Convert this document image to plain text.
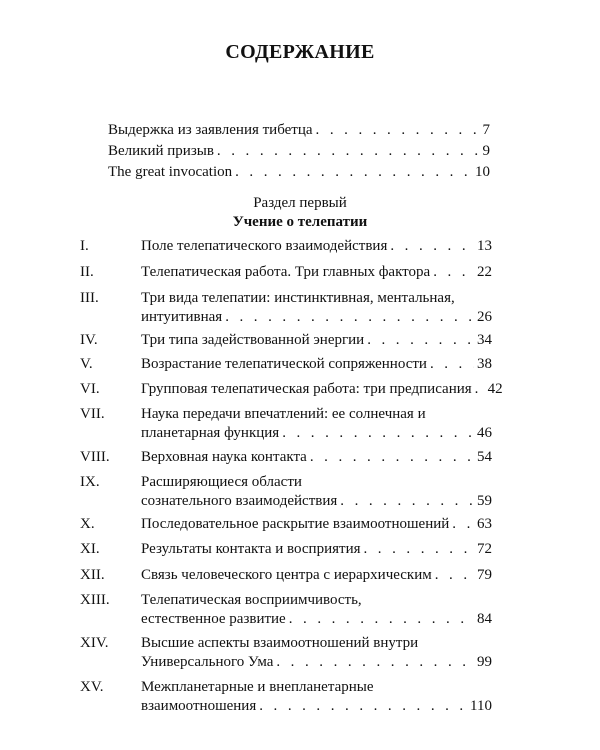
СОДЕРЖАНИЕ
Выдержка из заявления тибетца . . .	7
Великий призыв . . .	9
The great invocation . . .	10
Раздел первый
Учение о телепатии
I.	Поле телепатического взаимодействия . . .	13
II.	Телепатическая работа. Три главных фактора . . .	22
III.	Три вида телепатии: инстинктивная, ментальная,
интуитивная . . .	26
IV.	Три типа задействованной энергии . . .	34
V.	Возрастание телепатической сопряженности . . .	38
VI.	Групповая телепатическая работа: три предписания . . . 42
VII. Наука передачи впечатлений: ее солнечная и
планетарная функция . . .	46
VIII. Верховная наука контакта . . .	54
IX.	Расширяющиеся области
сознательного взаимодействия . . .	59
X.	Последовательное раскрытие взаимоотношений . . . 63
XI.	Результаты контакта и восприятия . . .	72
XII. Связь человеческого центра с иерархическим . . .	79
XIII. Телепатическая восприимчивость,
естественное развитие . . .	84
XIV. Высшие аспекты взаимоотношений внутри
Универсального Ума . . .	99
XV.	Межпланетарные и внепланетарные
взаимоотношения . . .	110
